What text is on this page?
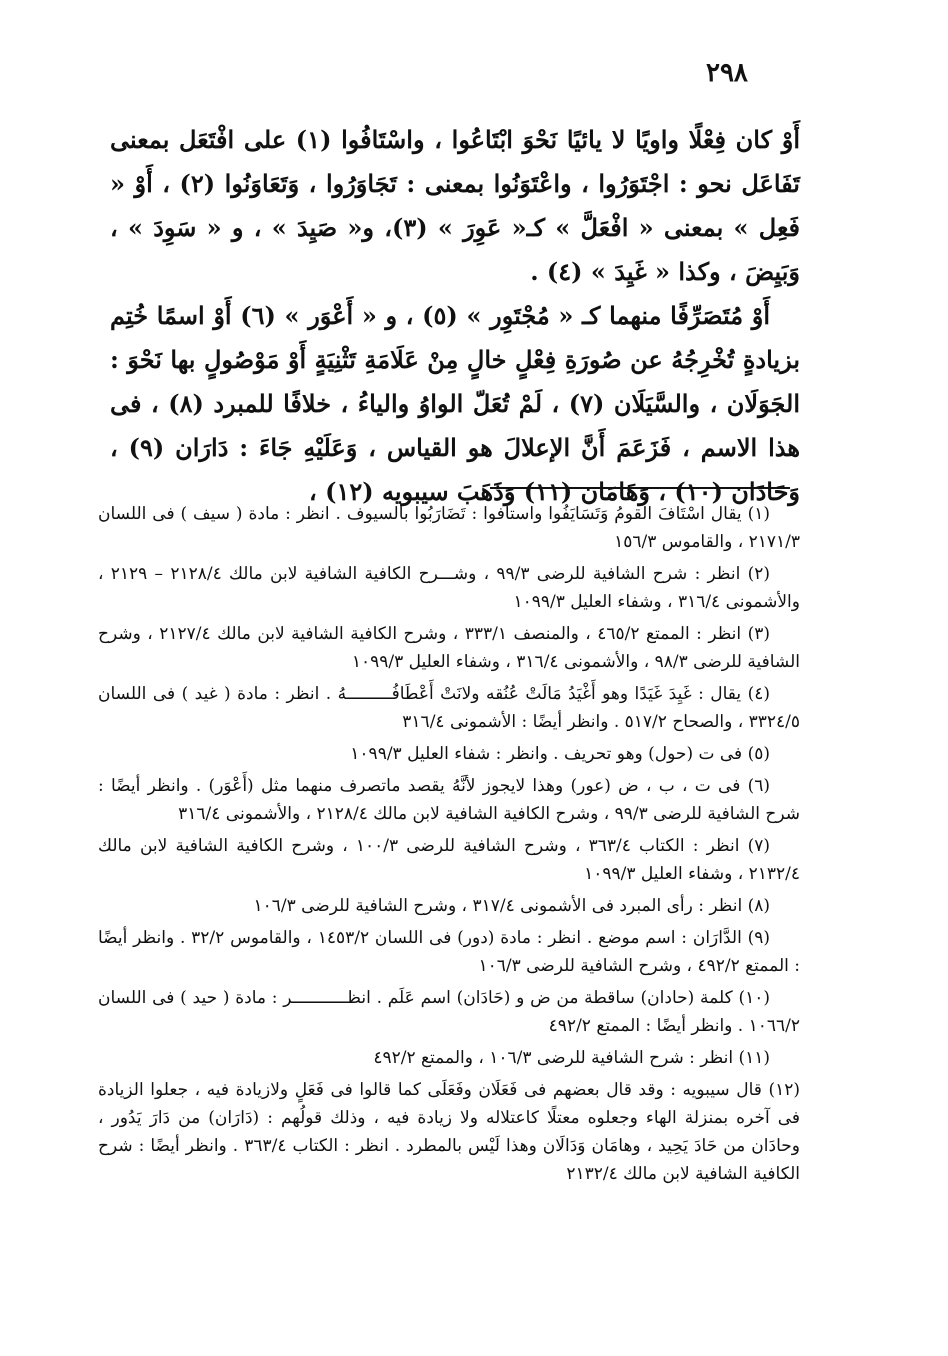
٢٩٨

أَوْ كان فِعْلًا واويًا لا يائيًا نَحْوَ ابْتَاعُوا ، واسْتَافُوا (١) على افْتَعَل بمعنى تَفَاعَل نحو : اجْتَوَرُوا ، واعْتَوَنُوا بمعنى : تَجَاوَرُوا ، وَتَعَاوَنُوا (٢) ، أَوْ « فَعِل » بمعنى « افْعَلَّ » كـ« عَوِرَ » (٣)، و« صَيِدَ » ، و « سَوِدَ » ، وَبَيِضَ ، وكذا « غَيِدَ » (٤) .

أَوْ مُتَصَرِّفًا منهما كـ « مُجْتَوِر » (٥) ، و « أَعْوَر » (٦) أَوْ اسمًا خُتِم بزيادةٍ تُخْرِجُهُ عن صُورَةِ فِعْلٍ خالٍ مِنْ عَلَامَةِ تَثْنِيَةٍ أَوْ مَوْصُولٍ بها نَحْوَ : الجَوَلَان ، والسَّيَلَان (٧) ، لَمْ تُعَلّ الواوُ والياءُ ، خلافًا للمبرد (٨) ، فى هذا الاسم ، فَزَعَمَ أَنَّ الإعلالَ هو القياس ، وَعَلَيْهِ جَاءَ : دَارَان (٩) ، وَحَادَان (١٠) ، وَهَامَان (١١) وَذَهَبَ سيبويه (١٢) ،

(١) يقال اسْتَافَ القومُ وَتَسَايَفُوا واستافوا : تَضَارَبُوا بالسيوف . انظر : مادة ( سيف ) فى اللسان ٢١٧١/٣ ، والقاموس ١٥٦/٣

(٢) انظر : شرح الشافية للرضى ٩٩/٣ ، وشـــرح الكافية الشافية لابن مالك ٢١٢٨/٤ – ٢١٢٩ ، والأشمونى ٣١٦/٤ ، وشفاء العليل ١٠٩٩/٣

(٣) انظر : الممتع ٤٦٥/٢ ، والمنصف ٣٣٣/١ ، وشرح الكافية الشافية لابن مالك ٢١٢٧/٤ ، وشرح الشافية للرضى ٩٨/٣ ، والأشمونى ٣١٦/٤ ، وشفاء العليل ١٠٩٩/٣

(٤) يقال : غَيِدَ غَيَدًا وهو أَغْيَدُ مَالَتْ عُنُقه ولانَتْ أَعْطَافُـــــــــهُ . انظر : مادة ( غيد ) فى اللسان ٣٣٢٤/٥ ، والصحاح ٥١٧/٢ . وانظر أيضًا : الأشمونى ٣١٦/٤

(٥) فى ت (حول) وهو تحريف . وانظر : شفاء العليل ١٠٩٩/٣

(٦) فى ت ، ب ، ض (عور) وهذا لايجوز لأنَّهُ يقصد ماتصرف منهما مثل (أَعْوَر) . وانظر أيضًا : شرح الشافية للرضى ٩٩/٣ ، وشرح الكافية الشافية لابن مالك ٢١٢٨/٤ ، والأشمونى ٣١٦/٤

(٧) انظر : الكتاب ٣٦٣/٤ ، وشرح الشافية للرضى ١٠٠/٣ ، وشرح الكافية الشافية لابن مالك ٢١٣٢/٤ ، وشفاء العليل ١٠٩٩/٣

(٨) انظر : رأى المبرد فى الأشمونى ٣١٧/٤ ، وشرح الشافية للرضى ١٠٦/٣

(٩) الدَّارَان : اسم موضع . انظر : مادة (دور) فى اللسان ١٤٥٣/٢ ، والقاموس ٣٢/٢ . وانظر أيضًا : الممتع ٤٩٢/٢ ، وشرح الشافية للرضى ١٠٦/٣

(١٠) كلمة (حادان) ساقطة من ض و (حَادَان) اسم عَلَم . انظـــــــــــر : مادة ( حيد ) فى اللسان ١٠٦٦/٢ . وانظر أيضًا : الممتع ٤٩٢/٢

(١١) انظر : شرح الشافية للرضى ١٠٦/٣ ، والممتع ٤٩٢/٢

(١٢) قال سيبويه : وقد قال بعضهم فى فَعَلَان وفَعَلَى كما قالوا فى فَعَلٍ ولازيادة فيه ، جعلوا الزيادة فى آخره بمنزلة الهاء وجعلوه معتلًا كاعتلاله ولا زيادة فيه ، وذلك قولُهم : (دَارَان) من دَارَ يَدُور ، وحادَان من حَادَ يَحِيد ، وهامَان وَدَالَان وهذا لَيْس بالمطرد . انظر : الكتاب ٣٦٣/٤ . وانظر أيضًا : شرح الكافية الشافية لابن مالك ٢١٣٢/٤
